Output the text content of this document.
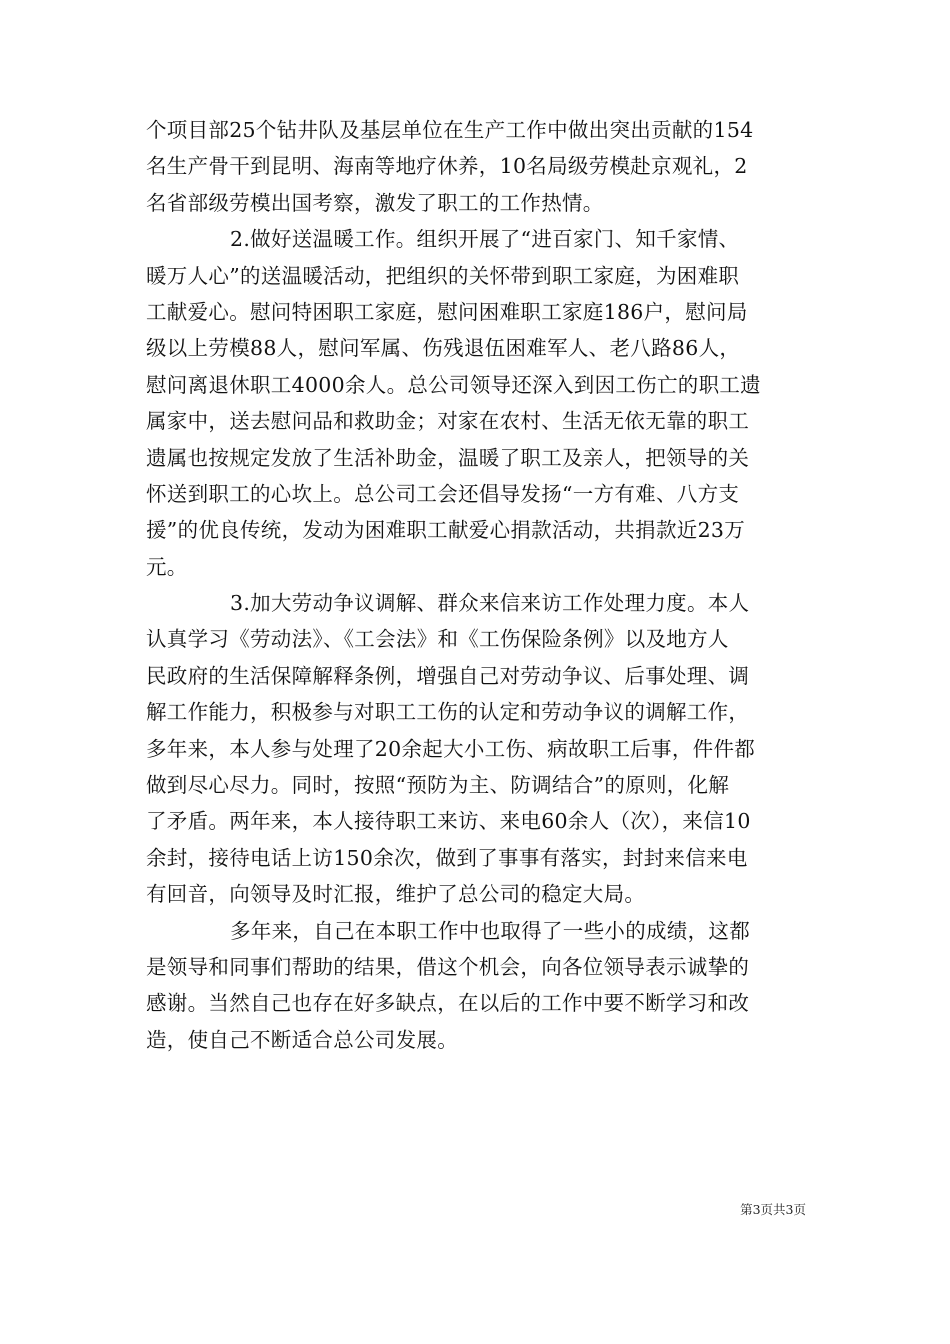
个项目部25个钻井队及基层单位在生产工作中做出突出贡献的154
名生产骨干到昆明、海南等地疗休养，10名局级劳模赴京观礼，2
名省部级劳模出国考察，激发了职工的工作热情。
2.做好送温暖工作。组织开展了“进百家门、知千家情、
暖万人心”的送温暖活动，把组织的关怀带到职工家庭，为困难职
工献爱心。慰问特困职工家庭，慰问困难职工家庭186户，慰问局
级以上劳模88人，慰问军属、伤残退伍困难军人、老八路86人，
慰问离退休职工4000余人。总公司领导还深入到因工伤亡的职工遗
属家中，送去慰问品和救助金；对家在农村、生活无依无靠的职工
遗属也按规定发放了生活补助金，温暖了职工及亲人，把领导的关
怀送到职工的心坎上。总公司工会还倡导发扬“一方有难、八方支
援”的优良传统，发动为困难职工献爱心捐款活动，共捐款近23万
元。
3.加大劳动争议调解、群众来信来访工作处理力度。本人
认真学习《劳动法》、《工会法》和《工伤保险条例》以及地方人
民政府的生活保障解释条例，增强自己对劳动争议、后事处理、调
解工作能力，积极参与对职工工伤的认定和劳动争议的调解工作，
多年来，本人参与处理了20余起大小工伤、病故职工后事，件件都
做到尽心尽力。同时，按照“预防为主、防调结合”的原则，化解
了矛盾。两年来，本人接待职工来访、来电60余人（次），来信10
余封，接待电话上访150余次，做到了事事有落实，封封来信来电
有回音，向领导及时汇报，维护了总公司的稳定大局。
多年来，自己在本职工作中也取得了一些小的成绩，这都
是领导和同事们帮助的结果，借这个机会，向各位领导表示诚挚的
感谢。当然自己也存在好多缺点，在以后的工作中要不断学习和改
造，使自己不断适合总公司发展。
第3页共3页
